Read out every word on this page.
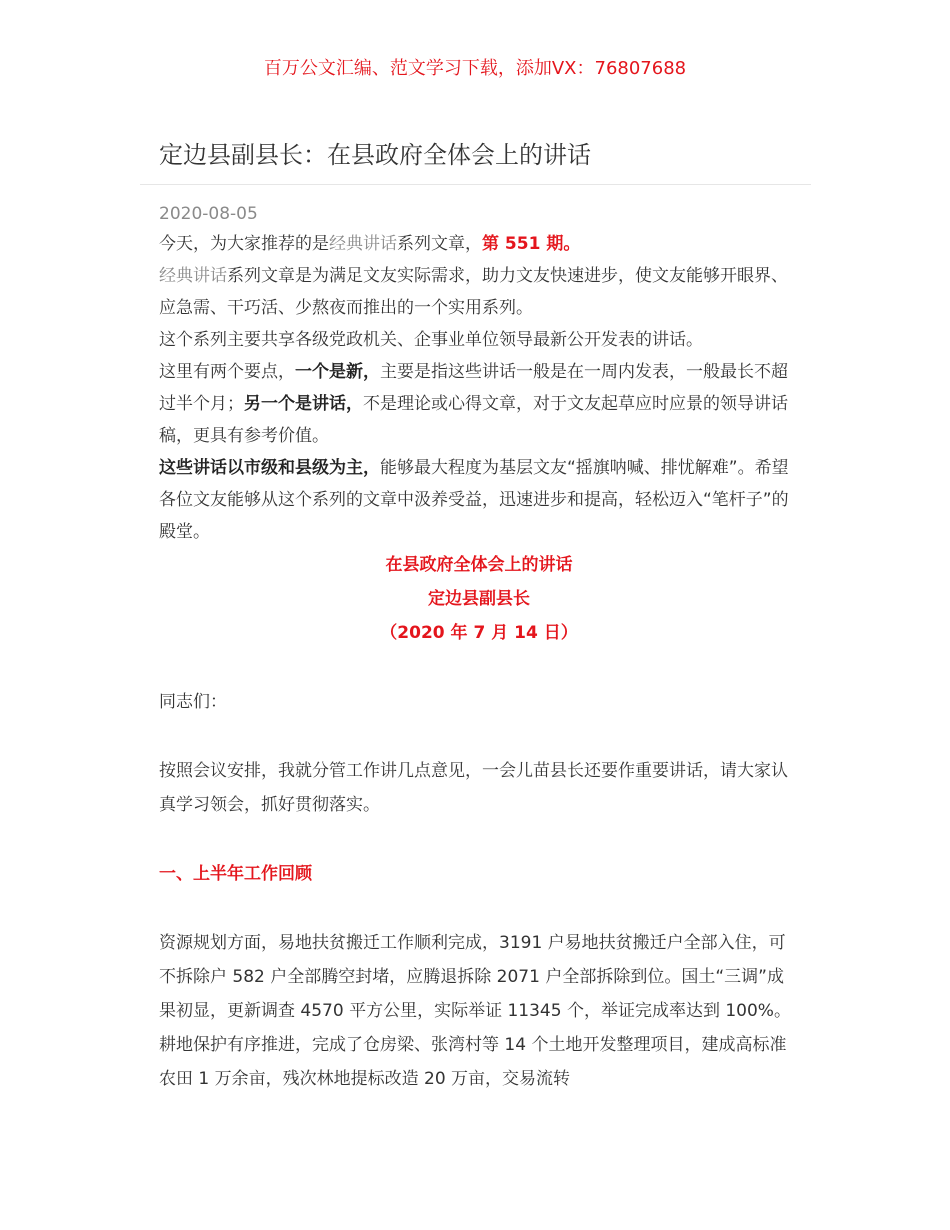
百万公文汇编、范文学习下载，添加VX：76807688
定边县副县长：在县政府全体会上的讲话
2020-08-05

今天，为大家推荐的是经典讲话系列文章，第 551 期。

经典讲话系列文章是为满足文友实际需求，助力文友快速进步，使文友能够开眼界、应急需、干巧活、少熬夜而推出的一个实用系列。

这个系列主要共享各级党政机关、企事业单位领导最新公开发表的讲话。

这里有两个要点，一个是新，主要是指这些讲话一般是在一周内发表，一般最长不超过半个月；另一个是讲话，不是理论或心得文章，对于文友起草应时应景的领导讲话稿，更具有参考价值。

这些讲话以市级和县级为主，能够最大程度为基层文友“摇旗呐喊、排忧解难”。希望各位文友能够从这个系列的文章中汲养受益，迅速进步和提高，轻松迈入“笔杆子”的殿堂。

在县政府全体会上的讲话
定边县副县长
（2020 年 7 月 14 日）

同志们：

按照会议安排，我就分管工作讲几点意见，一会儿苗县长还要作重要讲话，请大家认真学习领会，抓好贯彻落实。

一、上半年工作回顾

资源规划方面，易地扶贫搬迁工作顺利完成，3191 户易地扶贫搬迁户全部入住，可不拆除户 582 户全部腾空封堵，应腾退拆除 2071 户全部拆除到位。国土“三调”成果初显，更新调查 4570 平方公里，实际举证 11345 个，举证完成率达到 100%。耕地保护有序推进，完成了仓房梁、张湾村等 14 个土地开发整理项目，建成高标准农田 1 万余亩，残次林地提标改造 20 万亩，交易流转
